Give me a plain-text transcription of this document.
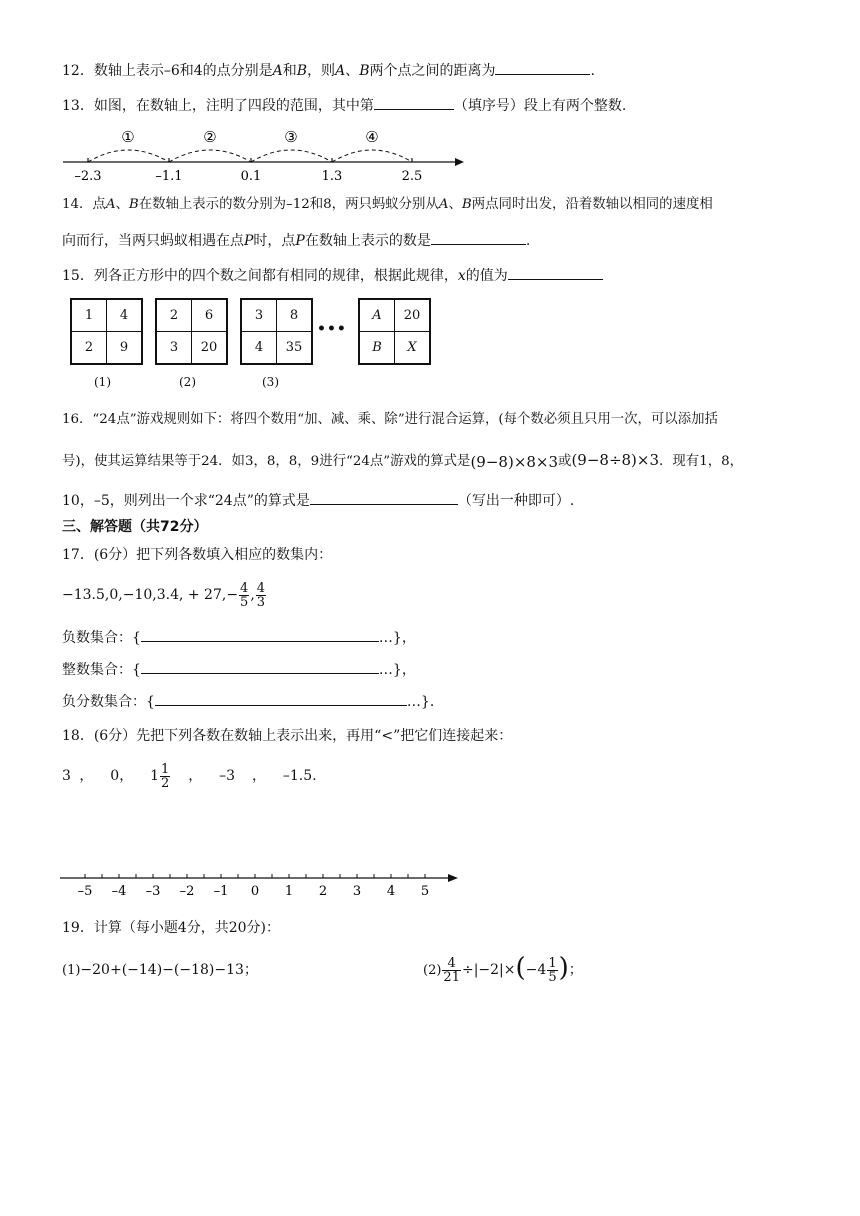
12．数轴上表示–6和4的点分别是A和B，则A、B两个点之间的距离为	.
13．如图，在数轴上，注明了四段的范围，其中第	（填序号）段上有两个整数.
①	②	③	④
–2.3	–1.1	0.1	1.3	2.5
14．点A、B在数轴上表示的数分别为–12和8，两只蚂蚁分别从A、B两点同时出发，沿着数轴以相同的速度相
向而行，当两只蚂蚁相遇在点P时，点P在数轴上表示的数是	.
15．列各正方形中的四个数之间都有相同的规律，根据此规律，x的值为
1	4
2	9
(1)
2	6
3	20
(2)
3	8
4	35
(3)
•••
A	20
B	X
16．“24点”游戏规则如下：将四个数用“加、减、乘、除”进行混合运算，(每个数必须且只用一次，可以添加括
号)，使其运算结果等于24．如3，8，8，9进行“24点”游戏的算式是(9−8)×8×3或(9−8÷8)×3．现有1，8，
10，–5，则列出一个求“24点”的算式是	（写出一种即可）.
三、解答题（共72分）
17．(6分）把下列各数填入相应的数集内：
−13.5,0,−10,3.4, + $27,- \frac{4}{5}$ , $\frac{4}{3}$
负数集合：{	…}，
整数集合：{	…}，
负分数集合：{	…}．
18．(6分）先把下列各数在数轴上表示出来，再用“<”把它们连接起来：
3 ， 0， $1 \frac{1}{2}$ ， –3 ， –1.5.
–5 –4 –3 –2 –1 0 1 2 3 4 5
19．计算（每小题4分，共20分)：
(1)−20+(−14)−(−18)−13；	$(2) \frac{4}{21} \div|-2|\times(-4 \frac{1}{5}$ )；
